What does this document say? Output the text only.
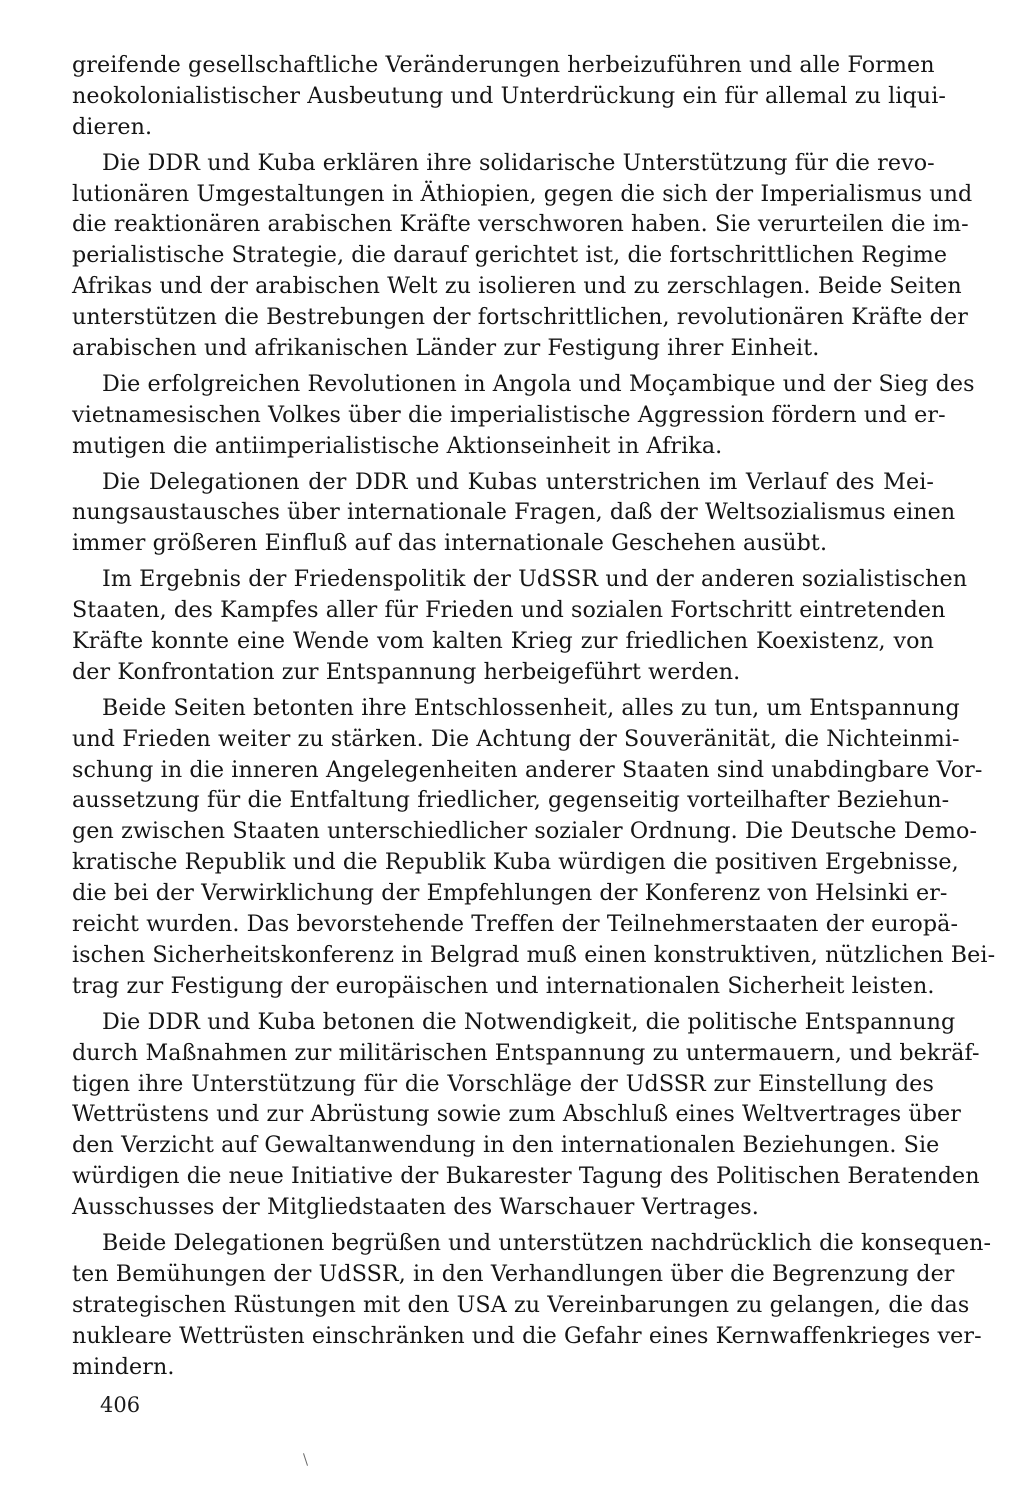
greifende gesellschaftliche Veränderungen herbeizuführen und alle Formen
neokolonialistischer Ausbeutung und Unterdrückung ein für allemal zu liqui-
dieren.
Die DDR und Kuba erklären ihre solidarische Unterstützung für die revo-
lutionären Umgestaltungen in Äthiopien, gegen die sich der Imperialismus und
die reaktionären arabischen Kräfte verschworen haben. Sie verurteilen die im-
perialistische Strategie, die darauf gerichtet ist, die fortschrittlichen Regime
Afrikas und der arabischen Welt zu isolieren und zu zerschlagen. Beide Seiten
unterstützen die Bestrebungen der fortschrittlichen, revolutionären Kräfte der
arabischen und afrikanischen Länder zur Festigung ihrer Einheit.
Die erfolgreichen Revolutionen in Angola und Moçambique und der Sieg des
vietnamesischen Volkes über die imperialistische Aggression fördern und er-
mutigen die antiimperialistische Aktionseinheit in Afrika.
Die Delegationen der DDR und Kubas unterstrichen im Verlauf des Mei-
nungsaustausches über internationale Fragen, daß der Weltsozialismus einen
immer größeren Einfluß auf das internationale Geschehen ausübt.
Im Ergebnis der Friedenspolitik der UdSSR und der anderen sozialistischen
Staaten, des Kampfes aller für Frieden und sozialen Fortschritt eintretenden
Kräfte konnte eine Wende vom kalten Krieg zur friedlichen Koexistenz, von
der Konfrontation zur Entspannung herbeigeführt werden.
Beide Seiten betonten ihre Entschlossenheit, alles zu tun, um Entspannung
und Frieden weiter zu stärken. Die Achtung der Souveränität, die Nichteinmi-
schung in die inneren Angelegenheiten anderer Staaten sind unabdingbare Vor-
aussetzung für die Entfaltung friedlicher, gegenseitig vorteilhafter Beziehun-
gen zwischen Staaten unterschiedlicher sozialer Ordnung. Die Deutsche Demo-
kratische Republik und die Republik Kuba würdigen die positiven Ergebnisse,
die bei der Verwirklichung der Empfehlungen der Konferenz von Helsinki er-
reicht wurden. Das bevorstehende Treffen der Teilnehmerstaaten der europä-
ischen Sicherheitskonferenz in Belgrad muß einen konstruktiven, nützlichen Bei-
trag zur Festigung der europäischen und internationalen Sicherheit leisten.
Die DDR und Kuba betonen die Notwendigkeit, die politische Entspannung
durch Maßnahmen zur militärischen Entspannung zu untermauern, und bekräf-
tigen ihre Unterstützung für die Vorschläge der UdSSR zur Einstellung des
Wettrüstens und zur Abrüstung sowie zum Abschluß eines Weltvertrages über
den Verzicht auf Gewaltanwendung in den internationalen Beziehungen. Sie
würdigen die neue Initiative der Bukarester Tagung des Politischen Beratenden
Ausschusses der Mitgliedstaaten des Warschauer Vertrages.
Beide Delegationen begrüßen und unterstützen nachdrücklich die konsequen-
ten Bemühungen der UdSSR, in den Verhandlungen über die Begrenzung der
strategischen Rüstungen mit den USA zu Vereinbarungen zu gelangen, die das
nukleare Wettrüsten einschränken und die Gefahr eines Kernwaffenkrieges ver-
mindern.
406
